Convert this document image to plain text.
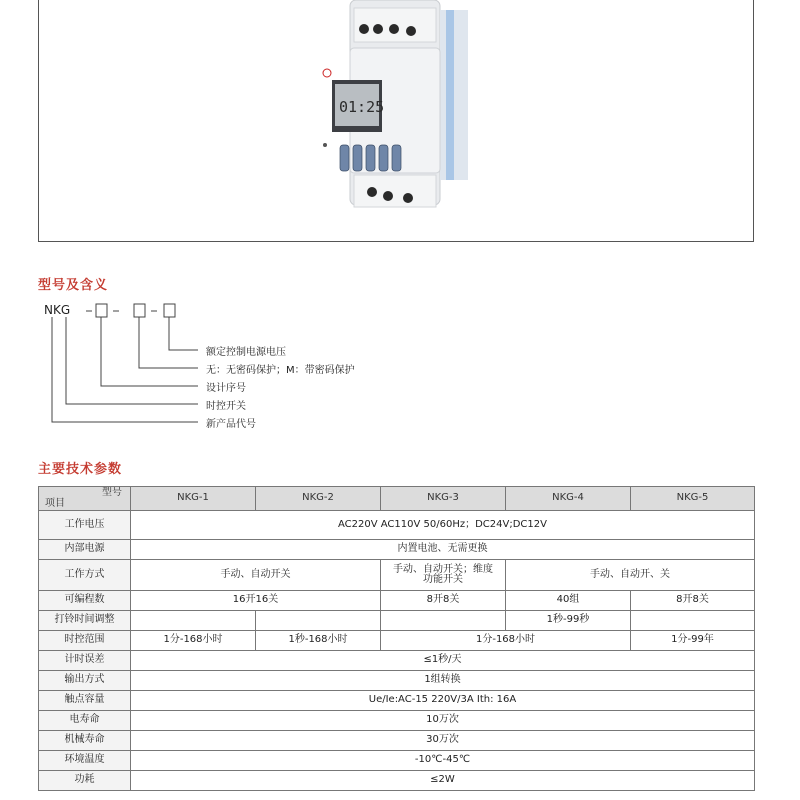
01:25
型号及含义
NKG
额定控制电源电压
无：无密码保护；M：带密码保护
设计序号
时控开关
新产品代号
主要技术参数
型号
项目	NKG-1	NKG-2	NKG-3	NKG-4	NKG-5
工作电压	AC220V AC110V 50/60Hz；DC24V;DC12V				
内部电源	内置电池、无需更换				
工作方式	手动、自动开关		手动、自动开关；维度功能开关	手动、自动开、关	
可编程数	16开16关		8开8关	40组	8开8关
打铃时间调整				1秒-99秒	
时控范围	1分-168小时	1秒-168小时	1分-168小时		1分-99年
计时误差	≤1秒/天				
输出方式	1组转换				
触点容量	Ue/Ie:AC-15 220V/3A Ith: 16A				
电寿命	10万次				
机械寿命	30万次				
环境温度	-10℃-45℃				
功耗	≤2W				
